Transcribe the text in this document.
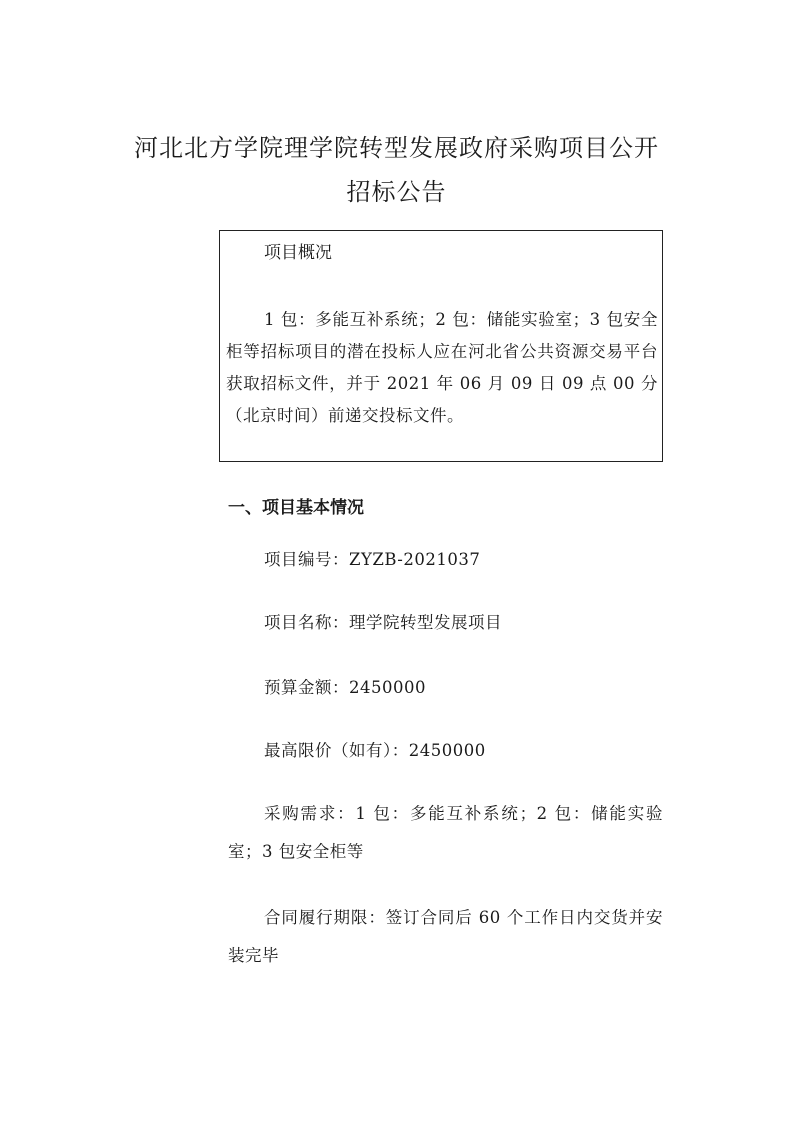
河北北方学院理学院转型发展政府采购项目公开
招标公告
项目概况

1 包：多能互补系统；2 包：储能实验室；3 包安全柜等招标项目的潜在投标人应在河北省公共资源交易平台获取招标文件，并于 2021 年 06 月 09 日 09 点 00 分（北京时间）前递交投标文件。

一、项目基本情况

项目编号：ZYZB-2021037

项目名称：理学院转型发展项目

预算金额：2450000

最高限价（如有）：2450000

采购需求：1 包：多能互补系统；2 包：储能实验室；3 包安全柜等

合同履行期限：签订合同后 60 个工作日内交货并安装完毕
